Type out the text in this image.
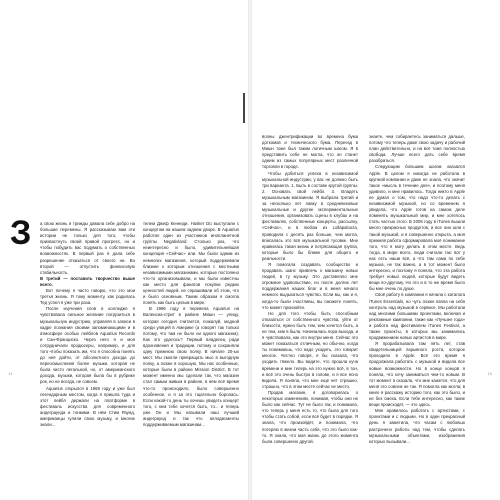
З а свою жизнь я трижды давала себе добро на большие перемены. Я рассказываю вам эти истории не только для того, чтобы прихвастнуть своей правой прогресс, но и чтобы побудить вас подумать о собственных возможностях. В первый раз я дала себе разрешение отказаться от своего ни. Во второй — отпустить финансовую стабильность.

В третий — поставить творчество выше всего.

Вот почему я часто говорю, что это мои третья жизнь. Я тому моменту, как родилась Тед успел я уже три раза.

После изучения слов в колледже я чувствовала сильное желание погрузиться в музыкальную индустрию, управляя в записи в кадре познания своими запоминающими и в атмосфере особых лейблов Aquarius Records и Сан-Франциско. Через него я и моя сотрудничали продюсеры, например, и для того чтобы показать им, что я способна понять до неё дойти, от абсолютного дохода до переосмысления более музыки, которая не была чисто легальной, но, от американского дохода, музыки, которая была бы в рубрике рок, но не всегда, не совсем.

Aquarius открылся в 1969 году и уже был легендарным местом, когда я пришла туда и этот лейбл держали на платформе в фестиваль искусства для современного андеграунда и тонкими. В нём Стим Раунд, американцы гуляли свою музыку, и многие знали...

телем Джеф Кеннеди. Hüsker Dü выступали с концертом на нашем заднем дворе. В Aquarius работал один из участников инопланетной группы Negativland. Столько раз, что неинтересно и было, удивительнейшая концепция «Сейчас» или. Мы были одним из немногих магазинов, который поддерживали близкие к которым отношения с местными независимыми магазинами, которые постоянно что-то организовывали, и мы были известны как место для фанатов покупки редких ценностей людей, не спрашивали об этом, что и было основным. Таким образом я смогла понять как быть целым в мире.

В 1996 году я перевела Aquarius на Валенсиа-стрит в районе Мишн — улицу, которая сегодня считается, пожалуй, модной среди улицей в Америке (а говорят так только потому, что там не было ни одного магазина). Как это удалось? Первый владелец ради вдохновения и традиции, потому и сохраняли одну прежнюю свою полку. В начале 20-ых мест. Мы смогли превращать мыс в выгодную полку, а позже в хорошую. Мы нас особенные, которые были в районе Mission District. В тот момент именно мы сделали так, что магазин стал самым живым в районе, в нём всё время что-то происходило, было совершенно особенное, и я за это тщательно боролась. Если какой-то день ты хочешь увидеть концерт того, с кем тебе хочется быть, то... и теперь уже Он и Мы называли наш лучший андеграунд и так что аплодисменты поддерживаемым магазинам...

14

волны джентрификации во времена бума доткомов и технического бума. Переезд в Мишн тоже был таким логичным шагом. Я в представить себе не могла, что он станет одним из самых популярных мест различной торговли в городе.

Чтобы добиться успеха в независимой музыкальной индустрии, у вас не должно быть три варианта. 1. Быть в составе крутой группы. 2. Основать свой лейбл. 3. Владеть музыкальным магазином. Я выбрала третий и за несколько лет лавку в средневековые музыкальные и другие экспериментальные отношения, организовать сцены в клубах и на фестивалях, собственные концерты, рассылку, «Сейчас», и в любом из Lollapalooza, проводила с десять раз больше, чем могла, вписалась это всё музыкальной тусовке. Мне нравилась такая жизнь и потрясающая группа, которые было бы ближе для общего и реальности.

Я помогала создавать сообщество и продавать шанс привлечь к магазину новых людей, в ту музыку. Это доставляло мне огромное удовольствие, но после долгих лет поддержания наших благ и в меня начало немного выдыхаться чувство. Если вы, как и я, когда-то были счастливы, вы сможете понять, что может произойти.

Но для того чтобы быть способным отказаться от собственного чувства, уйти от близости, нужно быть тем, кем хочется быть, а не тем, кем я была. Начиналась пора выхода, и я чувствовала, как это внутри меня. Сейчас это может показаться отличным, но обычно, когда ты понимаешь, что надо уходить, это говорит многое. Честно говоря, я бы сказала, что уходить тяжело. Вы видите, что прошла куча времени и мне теперь на это нужно всё, в тон, и всё это очень быстро в голове, и я все ясно видела. Я поняла, что мне ещё нет страшно, страшно, что в этом месте сейчас не место.

Продав магазин, я договорилась о некоторых изменениях, понимая, чтобы они не было как сейчас. Тут не было так, и понимала, что теперь у меня есть то, что была для того чтобы стать собой, если всё будет в порядке. Я знала, что произойдёт, и понимала, что потеряю в жизни часть себя, что это было как-то. Я знала, что моя жизнь до этого момента была совершенно другой.

знаете, чем собираетесь заниматься дальше, потому что теперь даже свою задачу и рабочий план действительно, и на всё тоже полностью свобода. Лучше всего дать себе время разобраться.

Следующим большим шагом оказался Apple. В целом я никогда не работала в крупной компании и даже не знала, что значит такое «мысль в течение дня», и поэтому меня удивило, и мне нравилось. Тогда никто в Apple не думал о том, что надо что-то делать с независимой музыкой, но со временем я увидела, что Apple готов на самом деле поменять музыкальный мир, и мне хотелось стать частью этого. В 2005 году в iTunes вышли много прекрасных продуктов, и все они шли с такой музыкой, и я совершенно открыта, а моя прежняя работа сформировала моё понимание того, что я могу делать в этом месте. Ведь тогда, в мире всего, люди считали так: вот у нас есть наши всё, а что там сама по себе музыка, не так важно, а в тот момент было интересно, и поэтому я поняла, что эта работа требует новых людей, которые будут видеть вещи по-другому. Но это и в то же время было бы мне очень по душе.

Своё работу в компании я начала с каталога iTunes Essentials, но чуть позже взяла на себя контроль над музыкой в сервисе. Мы работали над многими большими проектами, включая и рекламные кампании, такие как «Лучшее года» и работа над фестивалем iTunes Festival, а также проекты, в которых мы занимались продвижением новых артистов в мире.

Я прорабатывала там пять лет, став свидетельницей взрывного роста, которое проходило в Apple. Всё это время я продолжала работать с музыкой и видела все новые возможности. Но в конце концов я поняла, что хочу заниматься чем-то новым. В тот момент я сказала, что мне кажется, что для меня это совсем не так. Я помогла как могла; в книге я расскажу историю того, как это было, и не без смеха. Если тебе интересно, как такие вещи происходят, — это здесь.

Мне нравилось работать с артистами, с проектами и с людьми. Но в один прекрасный день я заметила, что часам с любовью растрачено работы над тем, чтобы сделать музыкальными объектами, изображения которых вызывали...

15
